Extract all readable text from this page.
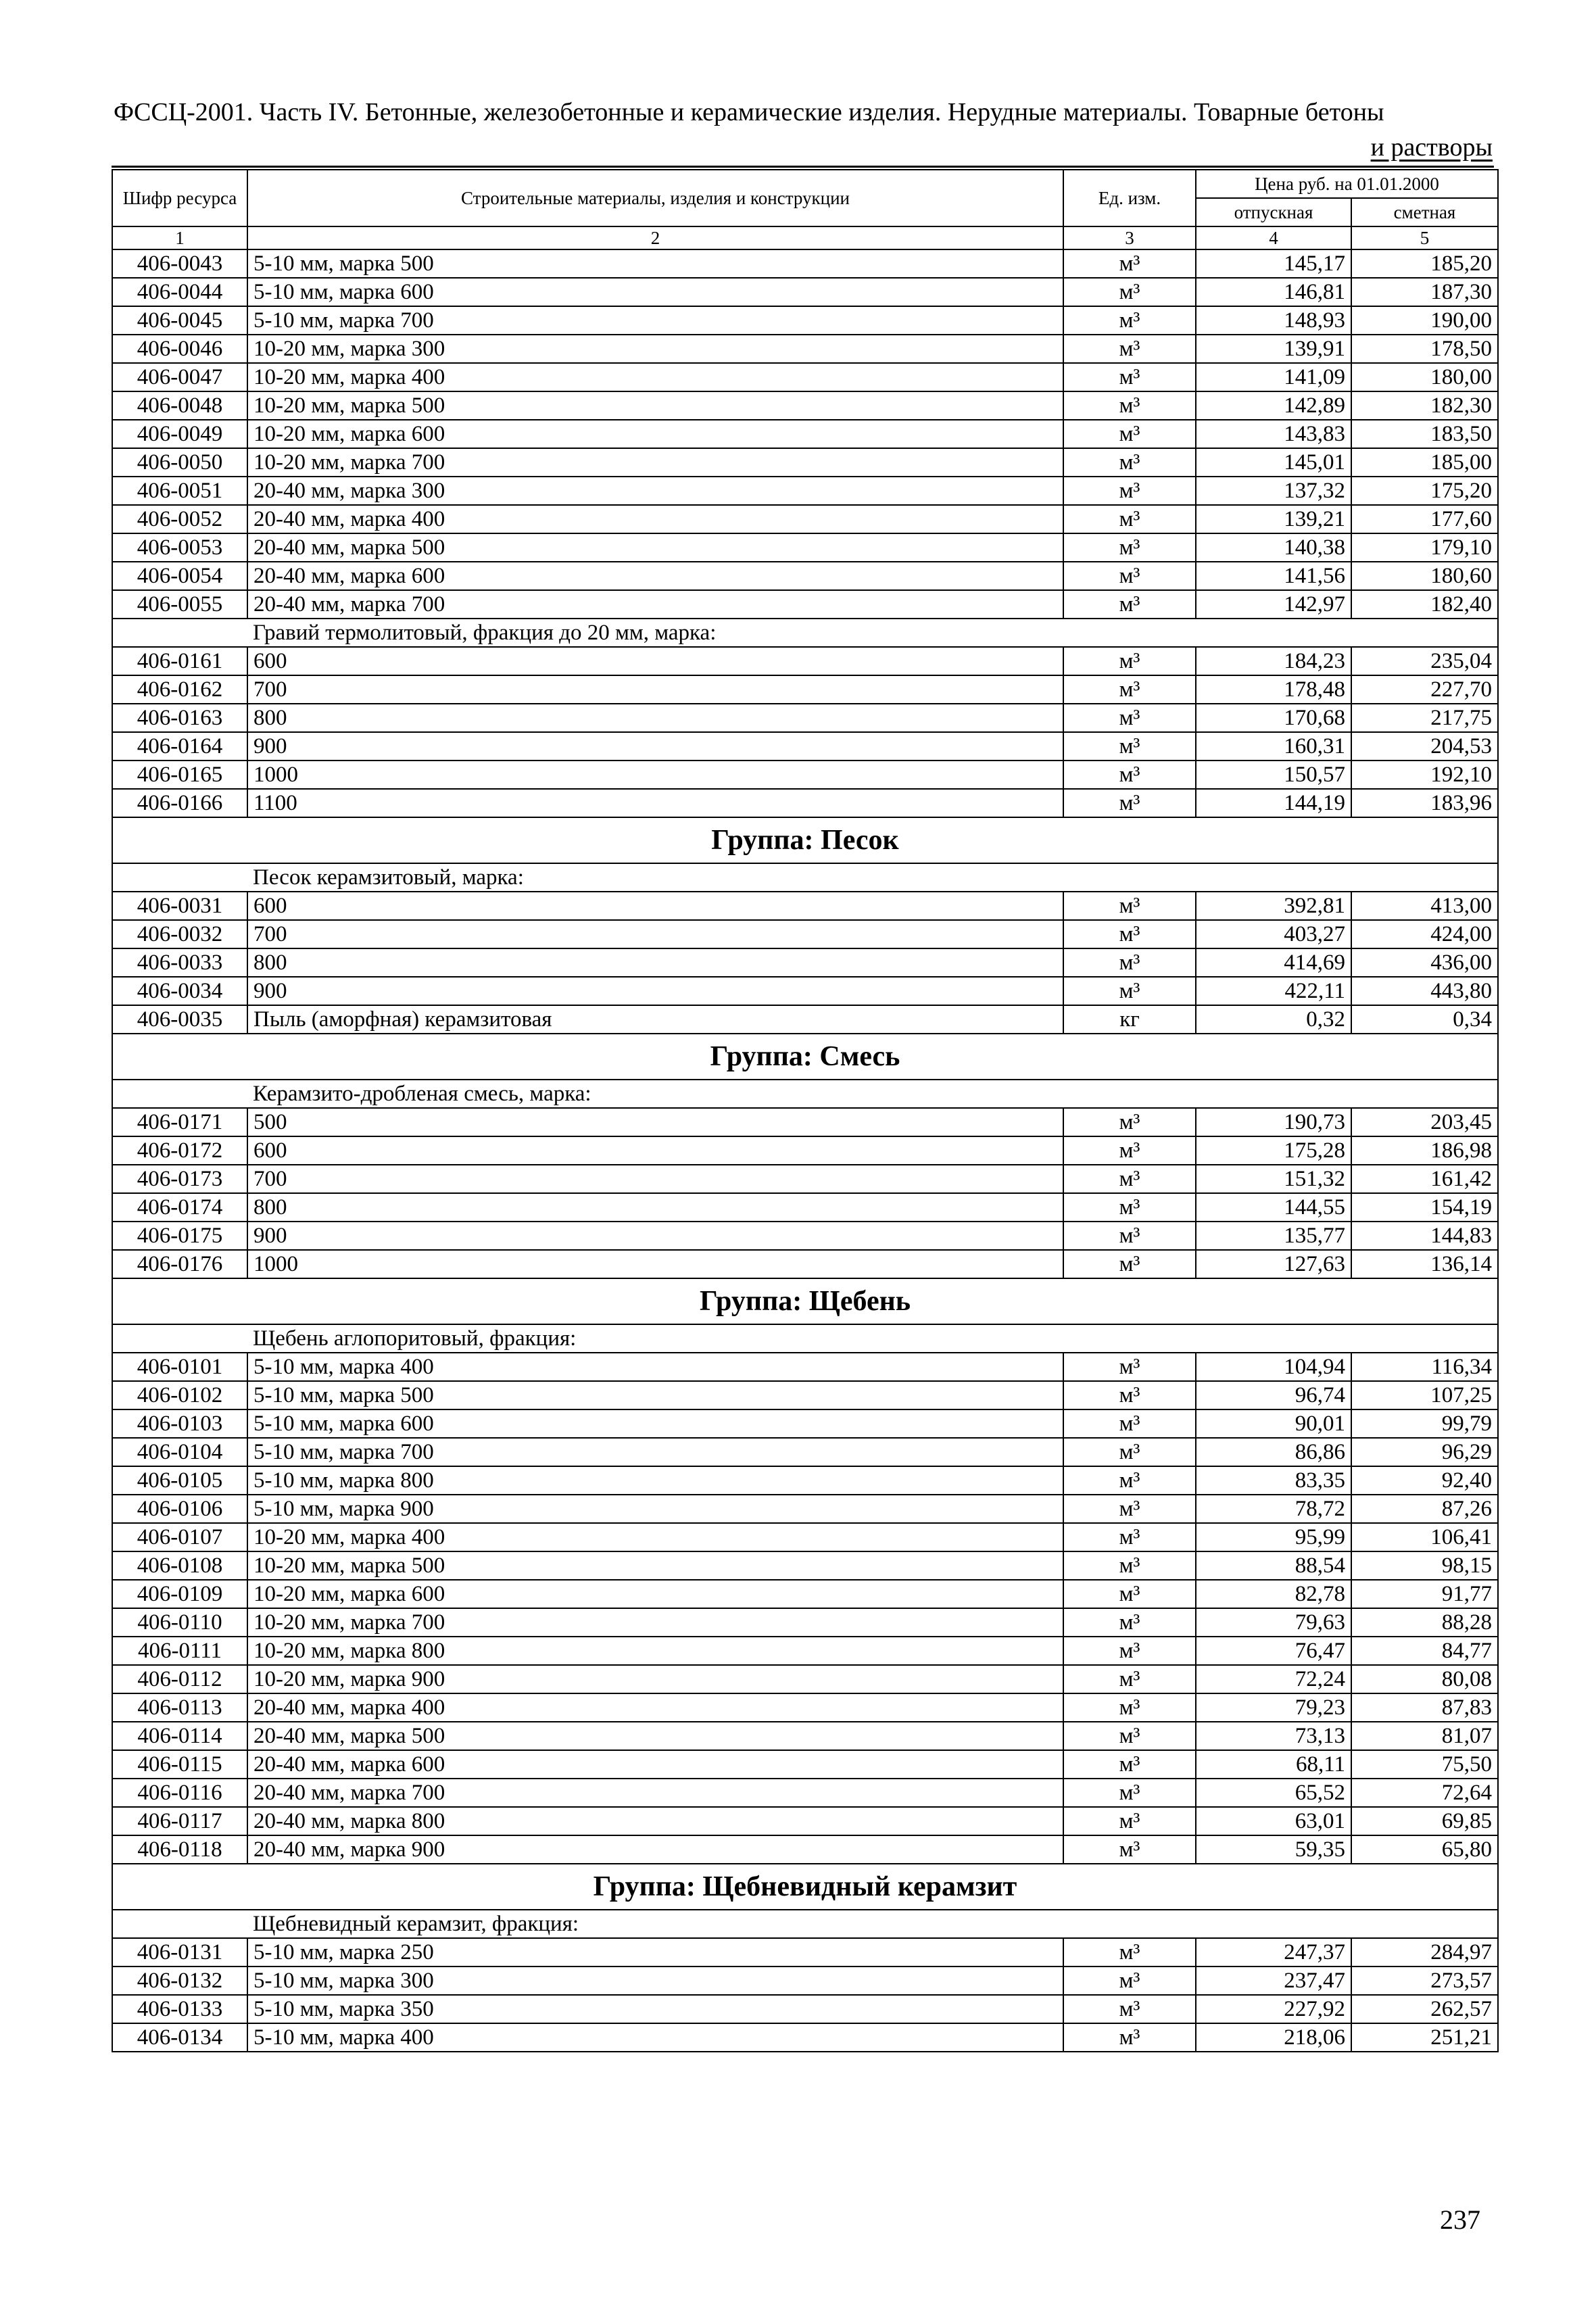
ФССЦ-2001. Часть IV. Бетонные, железобетонные и керамические изделия. Нерудные материалы. Товарные бетоны
и растворы
Шифр ресурса	Строительные материалы, изделия и конструкции	Ед. изм.	Цена руб. на 01.01.2000	
			отпускная	сметная
1	2	3	4	5
406-0043	5-10 мм, марка 500	м³	145,17	185,20
406-0044	5-10 мм, марка 600	м³	146,81	187,30
406-0045	5-10 мм, марка 700	м³	148,93	190,00
406-0046	10-20 мм, марка 300	м³	139,91	178,50
406-0047	10-20 мм, марка 400	м³	141,09	180,00
406-0048	10-20 мм, марка 500	м³	142,89	182,30
406-0049	10-20 мм, марка 600	м³	143,83	183,50
406-0050	10-20 мм, марка 700	м³	145,01	185,00
406-0051	20-40 мм, марка 300	м³	137,32	175,20
406-0052	20-40 мм, марка 400	м³	139,21	177,60
406-0053	20-40 мм, марка 500	м³	140,38	179,10
406-0054	20-40 мм, марка 600	м³	141,56	180,60
406-0055	20-40 мм, марка 700	м³	142,97	182,40
	Гравий термолитовый, фракция до 20 мм, марка:			
406-0161	600	м³	184,23	235,04
406-0162	700	м³	178,48	227,70
406-0163	800	м³	170,68	217,75
406-0164	900	м³	160,31	204,53
406-0165	1000	м³	150,57	192,10
406-0166	1100	м³	144,19	183,96
Группа: Песок				
	Песок керамзитовый, марка:			
406-0031	600	м³	392,81	413,00
406-0032	700	м³	403,27	424,00
406-0033	800	м³	414,69	436,00
406-0034	900	м³	422,11	443,80
406-0035	Пыль (аморфная) керамзитовая	кг	0,32	0,34
Группа: Смесь				
	Керамзито-дробленая смесь, марка:			
406-0171	500	м³	190,73	203,45
406-0172	600	м³	175,28	186,98
406-0173	700	м³	151,32	161,42
406-0174	800	м³	144,55	154,19
406-0175	900	м³	135,77	144,83
406-0176	1000	м³	127,63	136,14
Группа: Щебень				
	Щебень аглопоритовый, фракция:			
406-0101	5-10 мм, марка 400	м³	104,94	116,34
406-0102	5-10 мм, марка 500	м³	96,74	107,25
406-0103	5-10 мм, марка 600	м³	90,01	99,79
406-0104	5-10 мм, марка 700	м³	86,86	96,29
406-0105	5-10 мм, марка 800	м³	83,35	92,40
406-0106	5-10 мм, марка 900	м³	78,72	87,26
406-0107	10-20 мм, марка 400	м³	95,99	106,41
406-0108	10-20 мм, марка 500	м³	88,54	98,15
406-0109	10-20 мм, марка 600	м³	82,78	91,77
406-0110	10-20 мм, марка 700	м³	79,63	88,28
406-0111	10-20 мм, марка 800	м³	76,47	84,77
406-0112	10-20 мм, марка 900	м³	72,24	80,08
406-0113	20-40 мм, марка 400	м³	79,23	87,83
406-0114	20-40 мм, марка 500	м³	73,13	81,07
406-0115	20-40 мм, марка 600	м³	68,11	75,50
406-0116	20-40 мм, марка 700	м³	65,52	72,64
406-0117	20-40 мм, марка 800	м³	63,01	69,85
406-0118	20-40 мм, марка 900	м³	59,35	65,80
Группа: Щебневидный керамзит				
	Щебневидный керамзит, фракция:			
406-0131	5-10 мм, марка 250	м³	247,37	284,97
406-0132	5-10 мм, марка 300	м³	237,47	273,57
406-0133	5-10 мм, марка 350	м³	227,92	262,57
406-0134	5-10 мм, марка 400	м³	218,06	251,21
237
